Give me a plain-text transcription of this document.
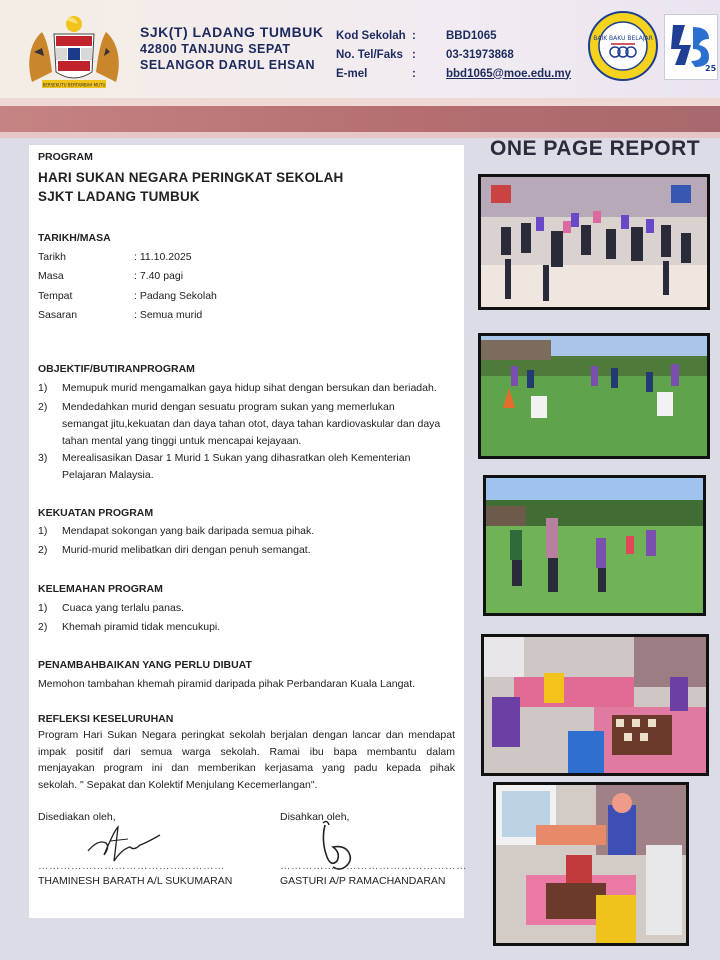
BERSEKUTU BERTAMBAH MUTU
SJK(T) LADANG TUMBUK
42800 TANJUNG SEPAT
SELANGOR DARUL EHSAN
Kod Sekolah :	BBD1065
No. Tel/Faks :	03-31973868
E-mel	:	bbd1065@moe.edu.my
BAIK BAKU BELAJAR
25
ONE PAGE REPORT
PROGRAM
HARI SUKAN NEGARA PERINGKAT SEKOLAH
SJKT LADANG TUMBUK
TARIKH/MASA
Tarikh	: 11.10.2025
Masa	: 7.40 pagi
Tempat	: Padang Sekolah
Sasaran	: Semua murid
OBJEKTIF/BUTIRANPROGRAM
1) Memupuk murid mengamalkan gaya hidup sihat dengan bersukan dan beriadah.
2) Mendedahkan murid dengan sesuatu program sukan yang memerlukan
semangat jitu,kekuatan dan daya tahan otot, daya tahan kardiovaskular dan daya
tahan mental yang tinggi untuk mencapai kejayaan.
3) Merealisasikan Dasar 1 Murid 1 Sukan yang dihasratkan oleh Kementerian
Pelajaran Malaysia.
KEKUATAN PROGRAM
1) Mendapat sokongan yang baik daripada semua pihak.
2) Murid-murid melibatkan diri dengan penuh semangat.
KELEMAHAN PROGRAM
1) Cuaca yang terlalu panas.
2) Khemah piramid tidak mencukupi.
PENAMBAHBAIKAN YANG PERLU DIBUAT
Memohon tambahan khemah piramid daripada pihak Perbandaran Kuala Langat.
REFLEKSI KESELURUHAN
Program Hari Sukan Negara peringkat sekolah berjalan dengan lancar dan mendapat
impak positif dari semua warga sekolah. Ramai ibu bapa membantu dalam
menjayakan program ini dan memberikan kerjasama yang padu kepada pihak
sekolah. " Sepakat dan Kolektif Menjulang Kecemerlangan".
Disediakan oleh,	Disahkan oleh,
……………………………………………	……………………………………………
THAMINESH BARATH A/L SUKUMARAN	GASTURI A/P RAMACHANDARAN
